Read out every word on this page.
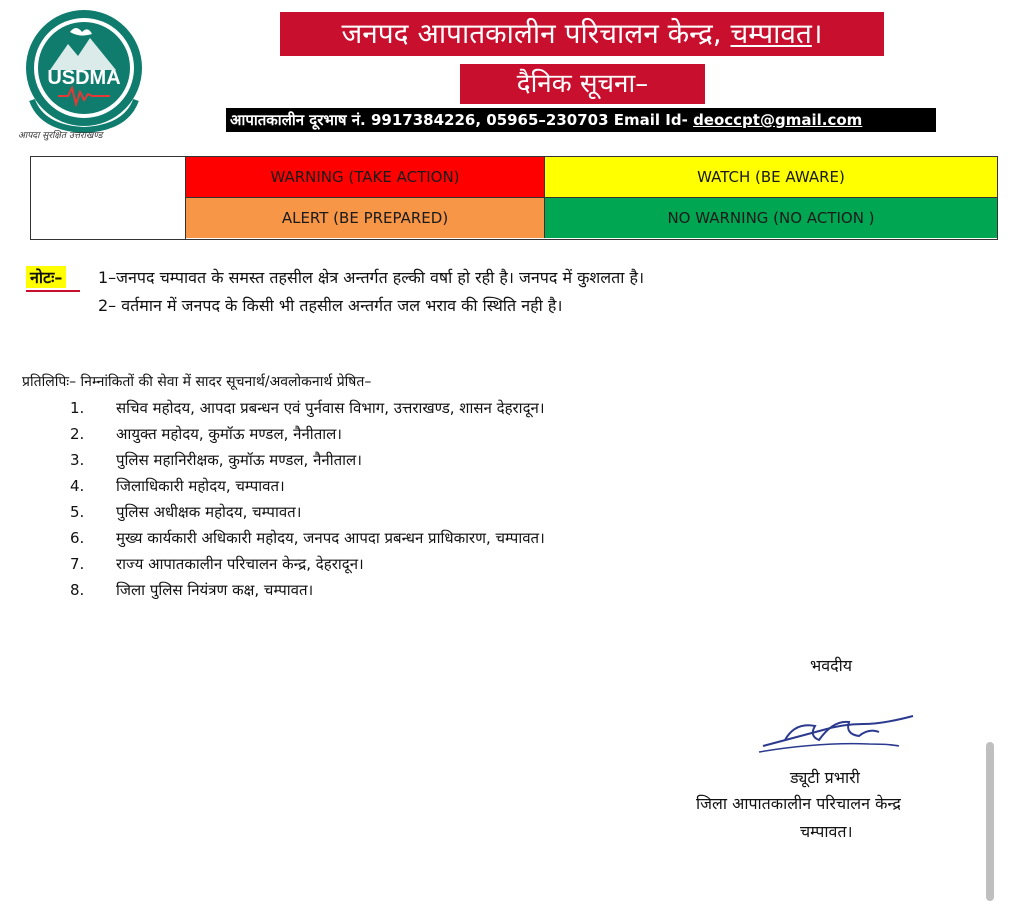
USDMA
आपदा सुरक्षित उत्तराखण्ड
जनपद आपातकालीन परिचालन केन्द्र, चम्पावत।
दैनिक सूचना–
आपातकालीन दूरभाष नं. 9917384226, 05965–230703 Email Id- deoccpt@gmail.com
WARNING (TAKE ACTION)	WATCH (BE AWARE)
ALERT (BE PREPARED)	NO WARNING (NO ACTION )
नोटः– 1–जनपद चम्पावत के समस्त तहसील क्षेत्र अन्तर्गत हल्की वर्षा हो रही है। जनपद में कुशलता है।
2– वर्तमान में जनपद के किसी भी तहसील अन्तर्गत जल भराव की स्थिति नही है।
प्रतिलिपिः– निम्नांकितों की सेवा में सादर सूचनार्थ/अवलोकनार्थ प्रेषित–
1. सचिव महोदय, आपदा प्रबन्धन एवं पुर्नवास विभाग, उत्तराखण्ड, शासन देहरादून।
2. आयुक्त महोदय, कुमॉऊ मण्डल, नैनीताल।
3. पुलिस महानिरीक्षक, कुमॉऊ मण्डल, नैनीताल।
4. जिलाधिकारी महोदय, चम्पावत।
5. पुलिस अधीक्षक महोदय, चम्पावत।
6. मुख्य कार्यकारी अधिकारी महोदय, जनपद आपदा प्रबन्धन प्राधिकारण, चम्पावत।
7. राज्य आपातकालीन परिचालन केन्द्र, देहरादून।
8. जिला पुलिस नियंत्रण कक्ष, चम्पावत।
भवदीय
ड्यूटी प्रभारी
जिला आपातकालीन परिचालन केन्द्र
चम्पावत।
